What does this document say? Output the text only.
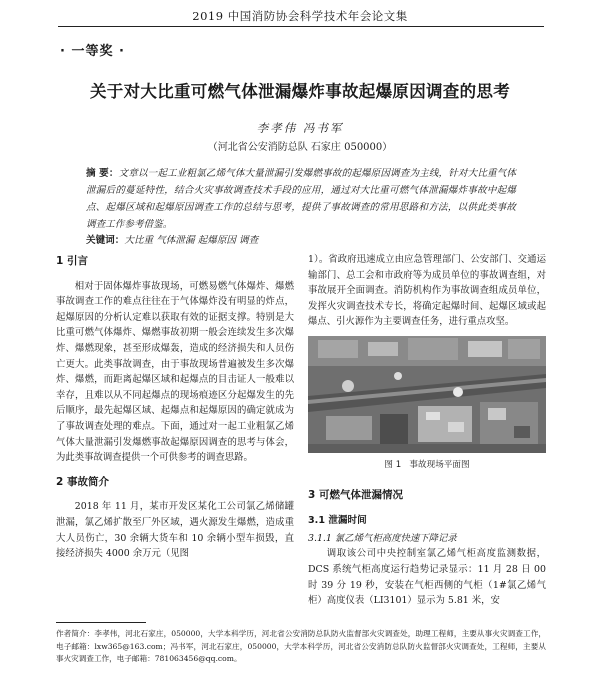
2019 中国消防协会科学技术年会论文集
· 一等奖 ·
关于对大比重可燃气体泄漏爆炸事故起爆原因调查的思考
李孝伟 冯书军
（河北省公安消防总队 石家庄 050000）
摘 要：文章以一起工业粗氯乙烯气体大量泄漏引发爆燃事故的起爆原因调查为主线，针对大比重气体泄漏后的蔓延特性，结合火灾事故调查技术手段的应用，通过对大比重可燃气体泄漏爆炸事故中起爆点、起爆区域和起爆原因调查工作的总结与思考，提供了事故调查的常用思路和方法，以供此类事故调查工作参考借鉴。
关键词：大比重 气体泄漏 起爆原因 调查
1 引言
相对于固体爆炸事故现场，可燃易燃气体爆炸、爆燃事故调查工作的难点往往在于气体爆炸没有明显的炸点，起爆原因的分析认定难以获取有效的证据支撑。特别是大比重可燃气体爆炸、爆燃事故初期一般会连续发生多次爆炸、爆燃现象，甚至形成爆轰，造成的经济损失和人员伤亡更大。此类事故调查，由于事故现场普遍被发生多次爆炸、爆燃，而距离起爆区域和起爆点的目击证人一般难以幸存，且难以从不同起爆点的现场痕迹区分起爆发生的先后顺序，最先起爆区域、起爆点和起爆原因的确定就成为了事故调查处理的难点。下面，通过对一起工业粗氯乙烯气体大量泄漏引发爆燃事故起爆原因调查的思考与体会，为此类事故调查提供一个可供参考的调查思路。
2 事故简介
2018 年 11 月，某市开发区某化工公司氯乙烯储罐泄漏，氯乙烯扩散至厂外区域，遇火源发生爆燃，造成重大人员伤亡，30 余辆大货车和 10 余辆小型车损毁，直接经济损失 4000 余万元（见图
1）。省政府迅速成立由应急管理部门、公安部门、交通运输部门、总工会和市政府等为成员单位的事故调查组，对事故展开全面调查。消防机构作为事故调查组成员单位，发挥火灾调查技术专长，将确定起爆时间、起爆区域或起爆点、引火源作为主要调查任务，进行重点攻坚。
图 1 事故现场平面图
3 可燃气体泄漏情况
3.1 泄漏时间
3.1.1 氯乙烯气柜高度快速下降记录
调取该公司中央控制室氯乙烯气柜高度监测数据，DCS 系统气柜高度运行趋势记录显示：11 月 28 日 00 时 39 分 19 秒，安装在气柜西侧的气柜（1#氯乙烯气柜）高度仪表（LI3101）显示为 5.81 米，安
作者简介：李孝伟，河北石家庄，050000，大学本科学历，河北省公安消防总队防火监督部火灾调查处，助理工程师，主要从事火灾调查工作，电子邮箱：lxw365@163.com；冯书军，河北石家庄，050000，大学本科学历，河北省公安消防总队防火监督部火灾调查处，工程师，主要从事火灾调查工作，电子邮箱：781063456@qq.com。
